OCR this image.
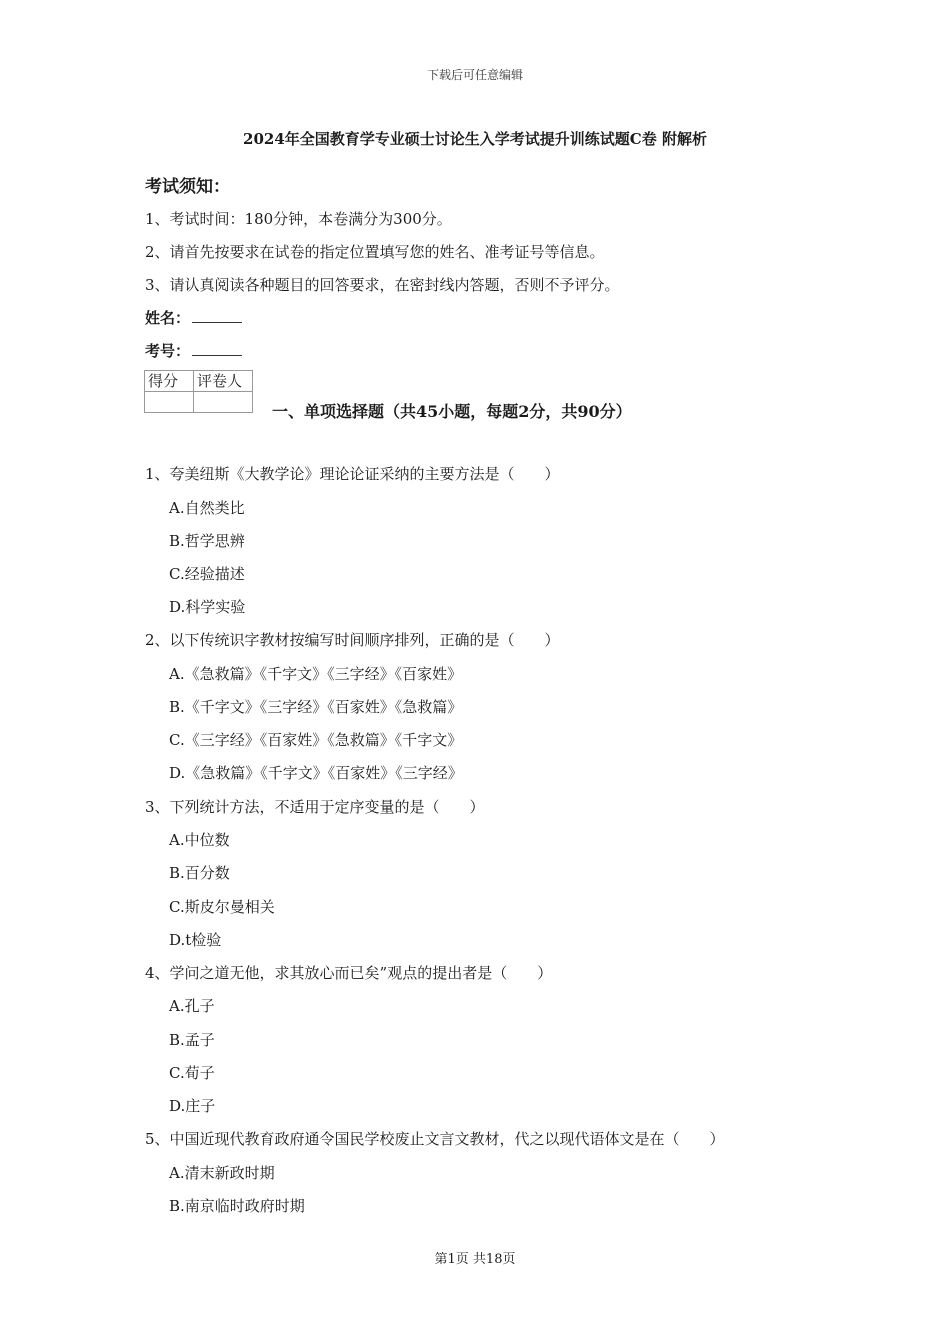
下载后可任意编辑
2024年全国教育学专业硕士讨论生入学考试提升训练试题C卷 附解析
考试须知：
1、考试时间：180分钟，本卷满分为300分。
2、请首先按要求在试卷的指定位置填写您的姓名、准考证号等信息。
3、请认真阅读各种题目的回答要求，在密封线内答题，否则不予评分。
姓名：
考号：
得分	评卷人

一、单项选择题（共45小题，每题2分，共90分）
1、夸美纽斯《大教学论》理论论证采纳的主要方法是（　　）
A.自然类比
B.哲学思辨
C.经验描述
D.科学实验
2、以下传统识字教材按编写时间顺序排列，正确的是（　　）
A.《急救篇》《千字文》《三字经》《百家姓》
B.《千字文》《三字经》《百家姓》《急救篇》
C.《三字经》《百家姓》《急救篇》《千字文》
D.《急救篇》《千字文》《百家姓》《三字经》
3、下列统计方法，不适用于定序变量的是（　　）
A.中位数
B.百分数
C.斯皮尔曼相关
D.t检验
4、学问之道无他，求其放心而已矣”观点的提出者是（　　）
A.孔子
B.孟子
C.荀子
D.庄子
5、中国近现代教育政府通令国民学校废止文言文教材，代之以现代语体文是在（　　）
A.清末新政时期
B.南京临时政府时期
第1页 共18页
